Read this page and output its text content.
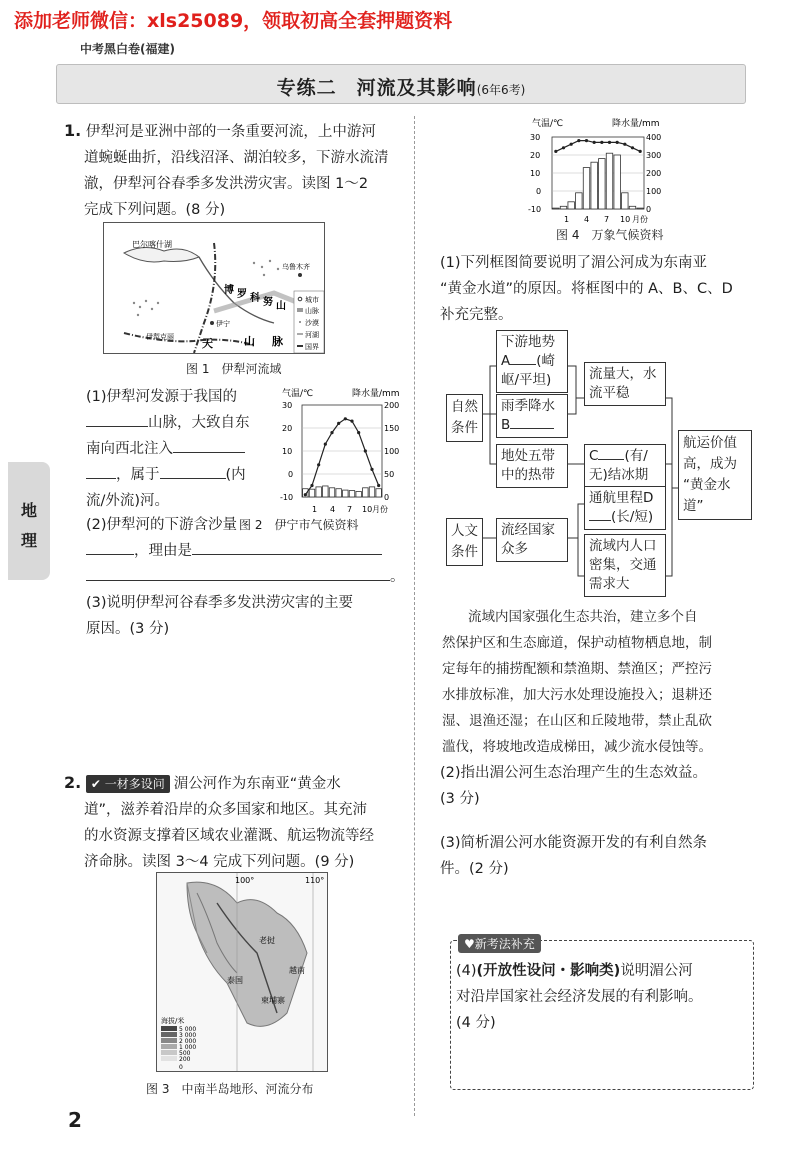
添加老师微信：xls25089，领取初高全套押题资料
中考黑白卷(福建)
专练二　河流及其影响(6年6考)
地
理
2
1. 伊犁河是亚洲中部的一条重要河流，上中游河
道蜿蜒曲折，沿线沼泽、湖泊较多，下游水流清
澈，伊犁河谷春季多发洪涝灾害。读图 1～2
完成下列问题。(8 分)
巴尔喀什湖
博 罗 科 努 山
天	山 脉
伊宁
乌鲁木齐
伊犁克丽
城市
山脉
沙漠
河湖
国界
图 1　伊犁河流域
(1)伊犁河发源于我国的
山脉，大致自东
南向西北注入
，属于	(内
流/外流)河。
气温/℃	降水量/mm
1 4 7 10 月份
30
20
10
0
-10
200
150
100
50
0
(2)伊犁河的下游含沙量 图 2　伊宁市气候资料
，理由是
。
(3)说明伊犁河谷春季多发洪涝灾害的主要
原因。(3 分)
2. ✔ 一材多设问 湄公河作为东南亚“黄金水
道”，滋养着沿岸的众多国家和地区。其充沛
的水资源支撑着区域农业灌溉、航运物流等经
济命脉。读图 3～4 完成下列问题。(9 分)
100°	110°
老挝
泰国
柬埔寨
越南
海拔/米
5 000
3 000
2 000
1 000
500
200
0
图 3　中南半岛地形、河流分布
气温/℃	降水量/mm
30
20
10
0
-10
400
300
200
100
0
1 4 7 10 月份
图 4　万象气候资料
(1)下列框图简要说明了湄公河成为东南亚
“黄金水道”的原因。将框图中的 A、B、C、D
补充完整。
自然
条件
下游地势
A (崎
岖/平坦)
雨季降水
B
地处五带
中的热带
流量大，水
流平稳
C (有/
无)结冰期
通航里程D
(长/短)
航运价值
高，成为
“黄金水
道”
人文
条件
流经国家
众多	流域内人口
密集，交通
需求大
流域内国家强化生态共治，建立多个自
然保护区和生态廊道，保护动植物栖息地，制
定每年的捕捞配额和禁渔期、禁渔区；严控污
水排放标准，加大污水处理设施投入；退耕还
湿、退渔还湿；在山区和丘陵地带，禁止乱砍
滥伐，将坡地改造成梯田，减少流水侵蚀等。
(2)指出湄公河生态治理产生的生态效益。
(3 分)
(3)简析湄公河水能资源开发的有利自然条
件。(2 分)
♥新考法补充
(4)(开放性设问・影响类)说明湄公河
对沿岸国家社会经济发展的有利影响。
(4 分)
